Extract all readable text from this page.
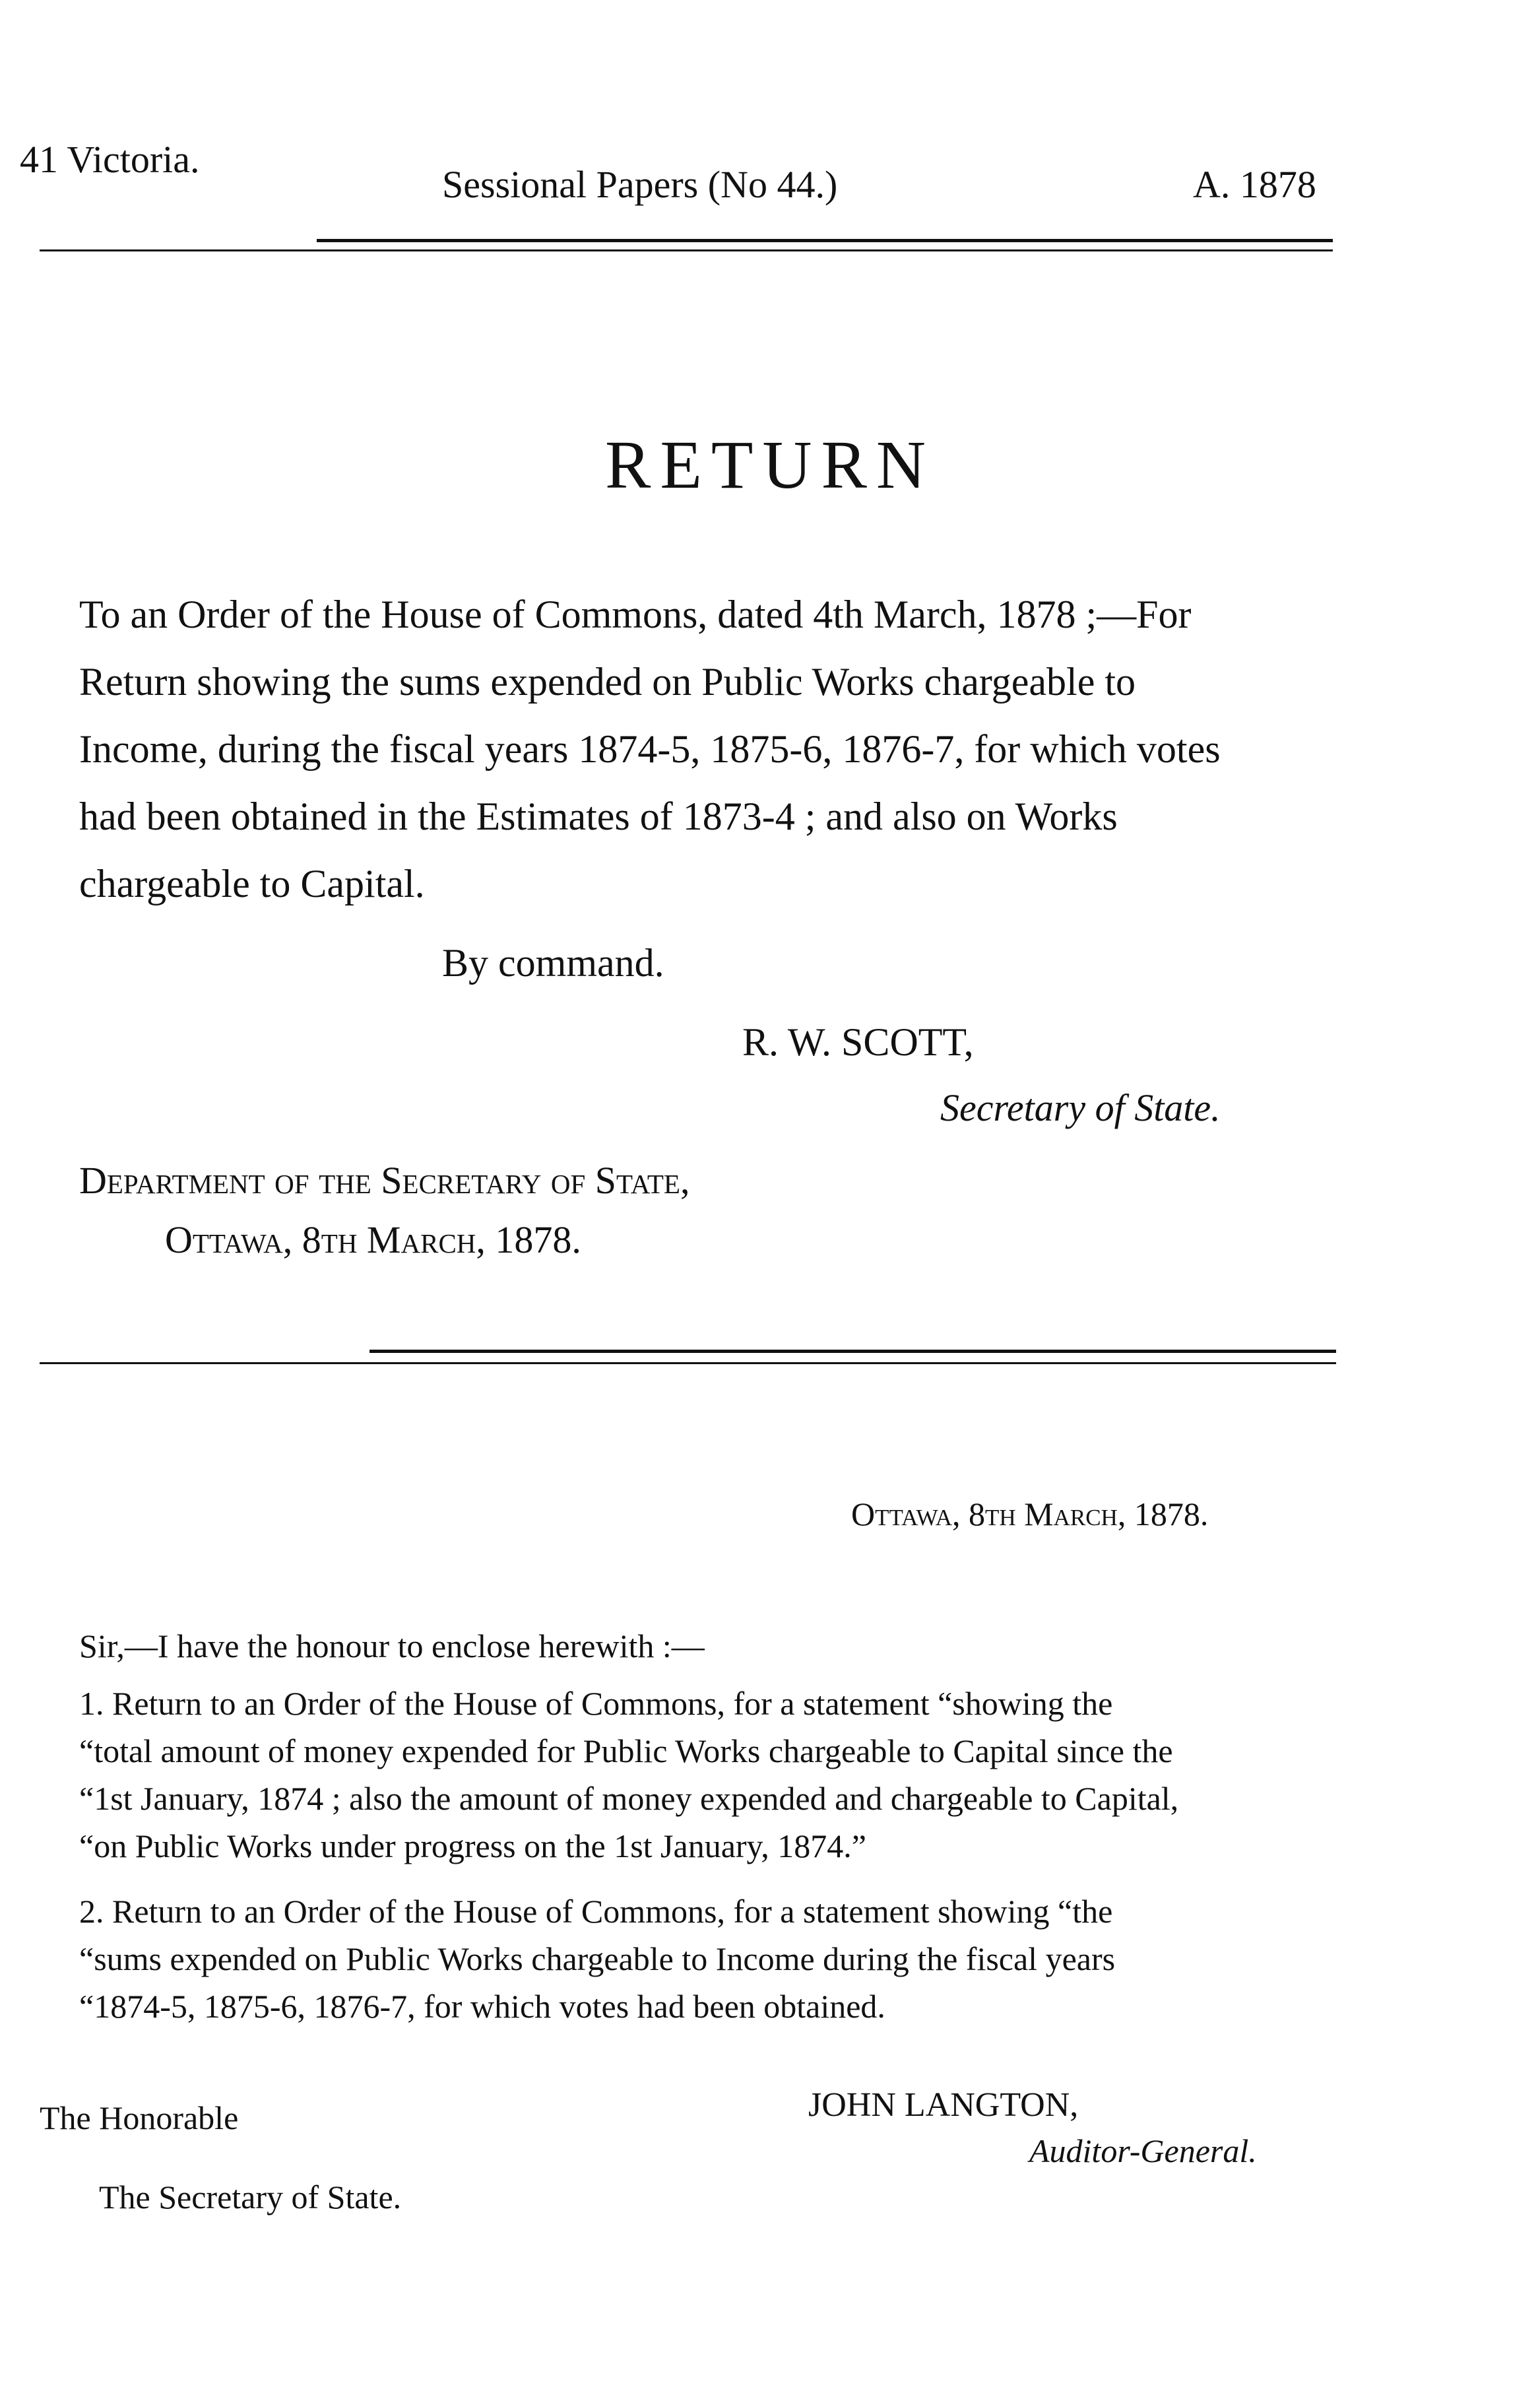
41 Victoria.
Sessional Papers (No 44.)	A. 1878
RETURN
To an Order of the House of Commons, dated 4th March, 1878 ;—For
Return showing the sums expended on Public Works chargeable to
Income, during the fiscal years 1874-5, 1875-6, 1876-7, for which votes
had been obtained in the Estimates of 1873-4 ; and also on Works
chargeable to Capital.
By command.
R. W. SCOTT,
Secretary of State.
Department of the Secretary of State,
Ottawa, 8th March, 1878.
Ottawa, 8th March, 1878.
Sir,—I have the honour to enclose herewith :—
1. Return to an Order of the House of Commons, for a statement “showing the
“total amount of money expended for Public Works chargeable to Capital since the
“1st January, 1874 ; also the amount of money expended and chargeable to Capital,
“on Public Works under progress on the 1st January, 1874.”
2. Return to an Order of the House of Commons, for a statement showing “the
“sums expended on Public Works chargeable to Income during the fiscal years
“1874-5, 1875-6, 1876-7, for which votes had been obtained.
JOHN LANGTON,
Auditor-General.
The Honorable
The Secretary of State.
